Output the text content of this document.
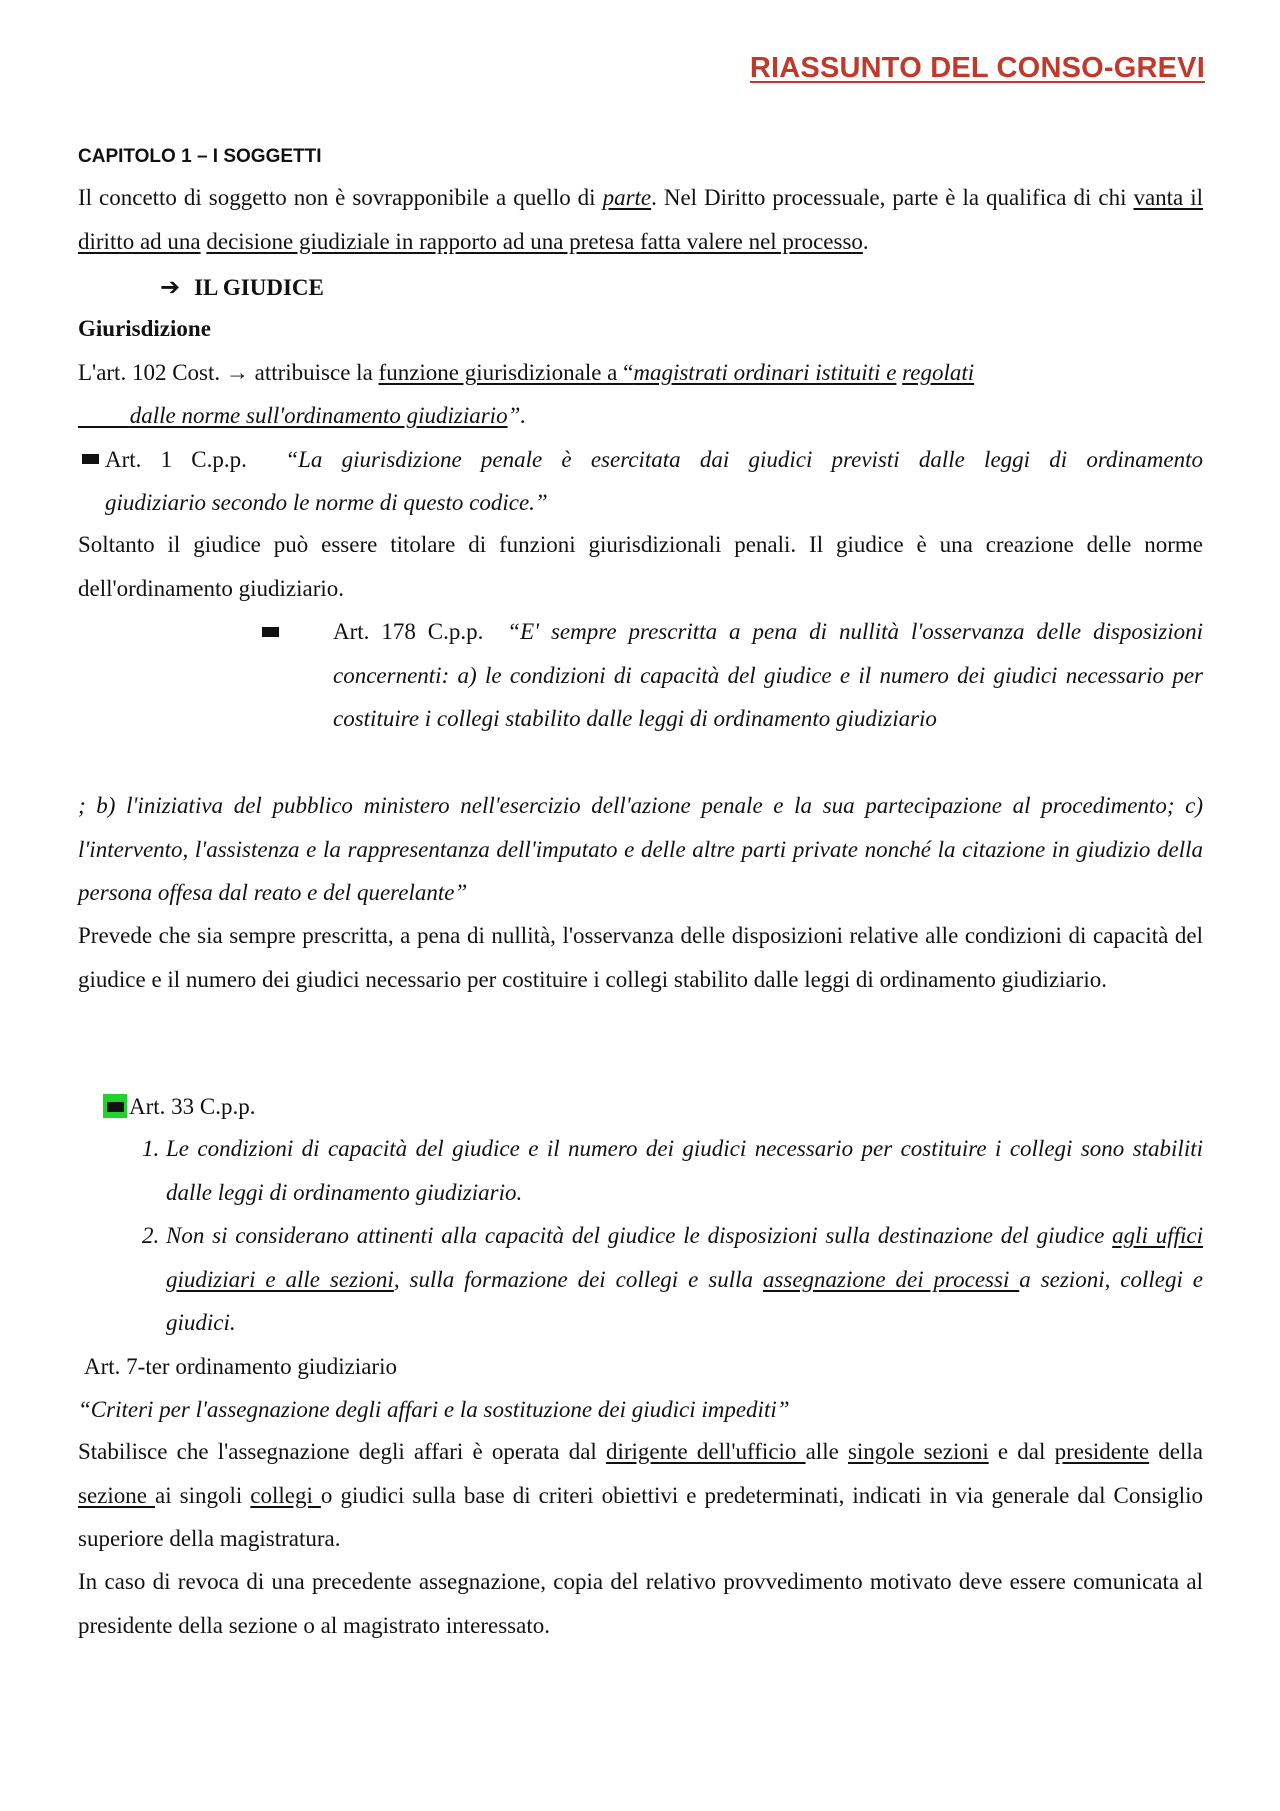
RIASSUNTO DEL CONSO-GREVI
CAPITOLO 1 – I SOGGETTI
Il concetto di soggetto non è sovrapponibile a quello di parte. Nel Diritto processuale, parte è la qualifica di chi vanta il diritto ad una decisione giudiziale in rapporto ad una pretesa fatta valere nel processo.
➔ IL GIUDICE
Giurisdizione
L'art. 102 Cost. → attribuisce la funzione giurisdizionale a “magistrati ordinari istituiti e regolati
dalle norme sull'ordinamento giudiziario”.
Art. 1 C.p.p. “La giurisdizione penale è esercitata dai giudici previsti dalle leggi di ordinamento
giudiziario secondo le norme di questo codice.”
Soltanto il giudice può essere titolare di funzioni giurisdizionali penali. Il giudice è una creazione delle norme dell'ordinamento giudiziario.
Art. 178 C.p.p. “E' sempre prescritta a pena di nullità l'osservanza delle disposizioni concernenti: a) le condizioni di capacità del giudice e il numero dei giudici necessario per costituire i collegi stabilito dalle leggi di ordinamento giudiziario
; b) l'iniziativa del pubblico ministero nell'esercizio dell'azione penale e la sua partecipazione al procedimento; c) l'intervento, l'assistenza e la rappresentanza dell'imputato e delle altre parti private nonché la citazione in giudizio della persona offesa dal reato e del querelante”
Prevede che sia sempre prescritta, a pena di nullità, l'osservanza delle disposizioni relative alle condizioni di capacità del giudice e il numero dei giudici necessario per costituire i collegi stabilito dalle leggi di ordinamento giudiziario.
Art. 33 C.p.p.
1. Le condizioni di capacità del giudice e il numero dei giudici necessario per costituire i collegi sono stabiliti dalle leggi di ordinamento giudiziario.
2. Non si considerano attinenti alla capacità del giudice le disposizioni sulla destinazione del giudice agli uffici giudiziari e alle sezioni, sulla formazione dei collegi e sulla assegnazione dei processi a sezioni, collegi e giudici.
Art. 7-ter ordinamento giudiziario
“Criteri per l'assegnazione degli affari e la sostituzione dei giudici impediti”
Stabilisce che l'assegnazione degli affari è operata dal dirigente dell'ufficio alle singole sezioni e dal presidente della sezione ai singoli collegi o giudici sulla base di criteri obiettivi e predeterminati, indicati in via generale dal Consiglio superiore della magistratura.
In caso di revoca di una precedente assegnazione, copia del relativo provvedimento motivato deve essere comunicata al presidente della sezione o al magistrato interessato.
